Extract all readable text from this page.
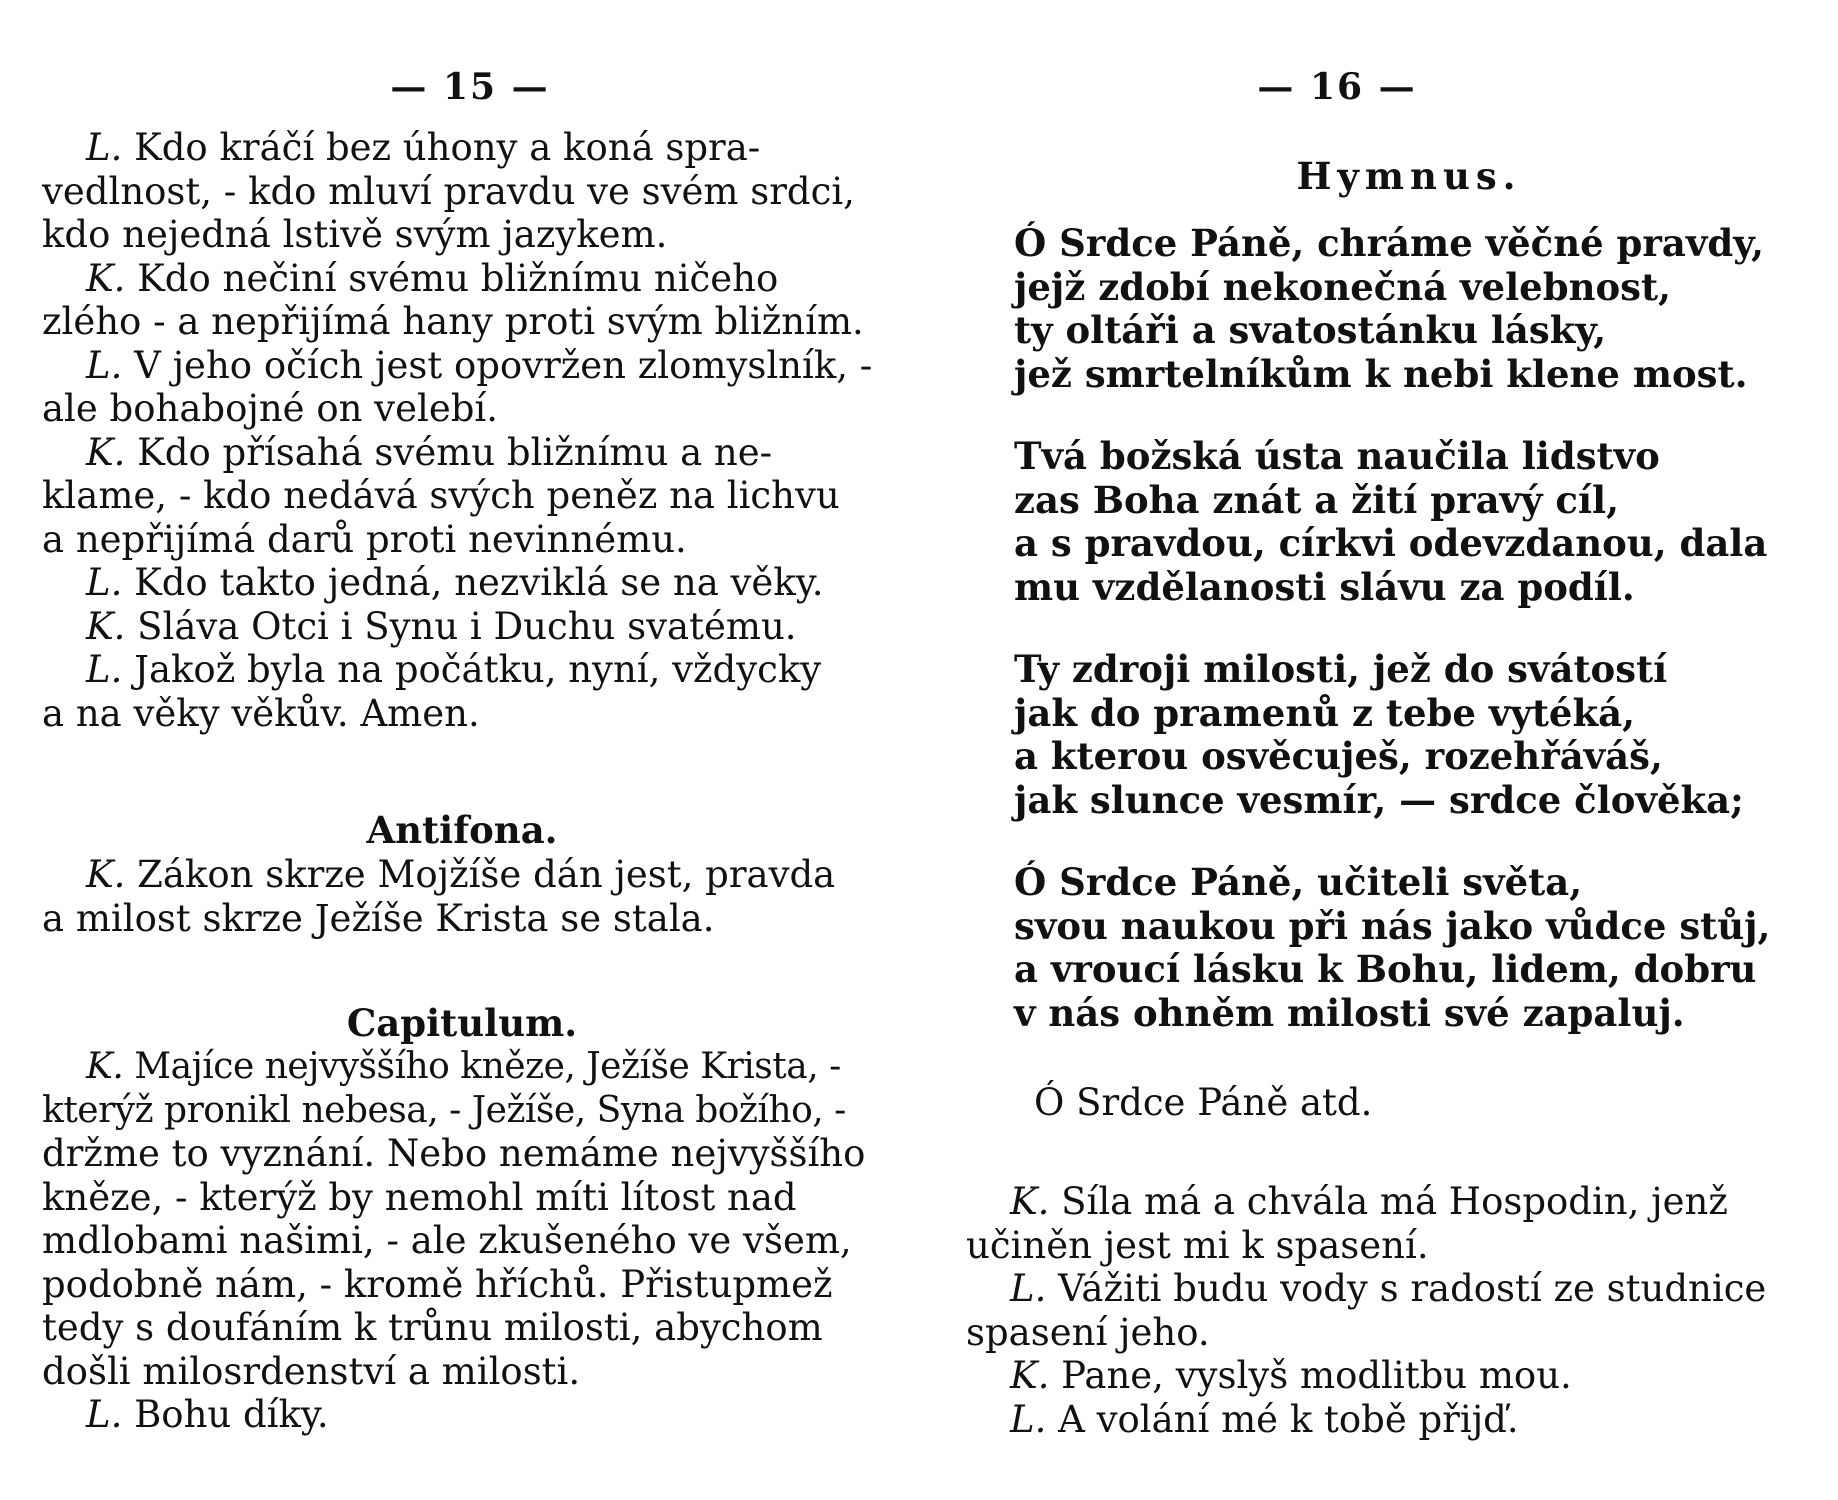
— 15 —	— 16 —
L. Kdo kráčí bez úhony a koná spra-
vedlnost, - kdo mluví pravdu ve svém srdci,
kdo nejedná lstivě svým jazykem.
K. Kdo nečiní svému bližnímu ničeho
zlého - a nepřijímá hany proti svým bližním.
L. V jeho očích jest opovržen zlomyslník, -
ale bohabojné on velebí.
K. Kdo přísahá svému bližnímu a ne-
klame, - kdo nedává svých peněz na lichvu
a nepřijímá darů proti nevinnému.
L. Kdo takto jedná, nezviklá se na věky.
K. Sláva Otci i Synu i Duchu svatému.
L. Jakož byla na počátku, nyní, vždycky
a na věky věkův. Amen.
Antifona.
K. Zákon skrze Mojžíše dán jest, pravda
a milost skrze Ježíše Krista se stala.
Capitulum.
K. Majíce nejvyššího kněze, Ježíše Krista, -
kterýž pronikl nebesa, - Ježíše, Syna božího, -
držme to vyznání. Nebo nemáme nejvyššího
kněze, - kterýž by nemohl míti lítost nad
mdlobami našimi, - ale zkušeného ve všem,
podobně nám, - kromě hříchů. Přistupmež
tedy s doufáním k trůnu milosti, abychom
došli milosrdenství a milosti.
L. Bohu díky.
Hymnus.
Ó Srdce Páně, chráme věčné pravdy,
jejž zdobí nekonečná velebnost,
ty oltáři a svatostánku lásky,
jež smrtelníkům k nebi klene most.
Tvá božská ústa naučila lidstvo
zas Boha znát a žití pravý cíl,
a s pravdou, církvi odevzdanou, dala
mu vzdělanosti slávu za podíl.
Ty zdroji milosti, jež do svátostí
jak do pramenů z tebe vytéká,
a kterou osvěcuješ, rozehřáváš,
jak slunce vesmír, — srdce člověka;
Ó Srdce Páně, učiteli světa,
svou naukou při nás jako vůdce stůj,
a vroucí lásku k Bohu, lidem, dobru
v nás ohněm milosti své zapaluj.
Ó Srdce Páně atd.
K. Síla má a chvála má Hospodin, jenž
učiněn jest mi k spasení.
L. Vážiti budu vody s radostí ze studnice
spasení jeho.
K. Pane, vyslyš modlitbu mou.
L. A volání mé k tobě přijď.
